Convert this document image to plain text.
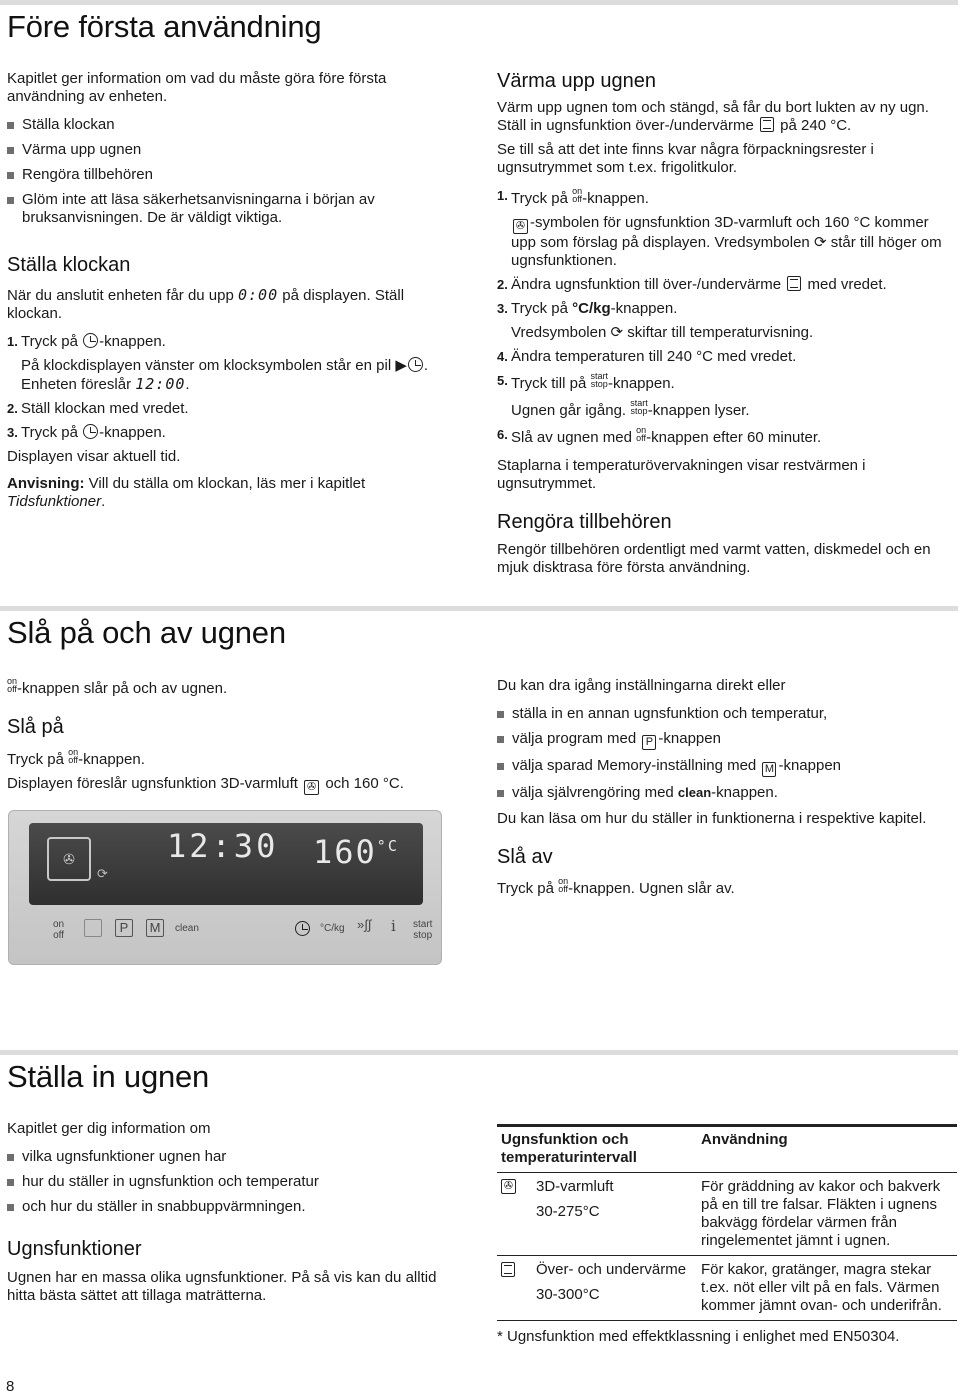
Före första användning

Kapitlet ger information om vad du måste göra före första användning av enheten.

Ställa klockan
Värma upp ugnen
Rengöra tillbehören
Glöm inte att läsa säkerhetsanvisningarna i början av bruksanvisningen. De är väldigt viktiga.
Ställa klockan

När du anslutit enheten får du upp 0:00 på displayen. Ställ klockan.

1. Tryck på -knappen.
På klockdisplayen vänster om klocksymbolen står en pil ▶ .
Enheten föreslår 12:00.
2. Ställ klockan med vredet.
3. Tryck på -knappen.

Displayen visar aktuell tid.

Anvisning: Vill du ställa om klockan, läs mer i kapitlet Tidsfunktioner.

Värma upp ugnen

Värm upp ugnen tom och stängd, så får du bort lukten av ny ugn. Ställ in ugnsfunktion över-/undervärme på 240 °C.

Se till så att det inte finns kvar några förpackningsrester i ugnsutrymmet som t.ex. frigolitkulor.

1. Tryck på on
off-knappen.
✇ -symbolen för ugnsfunktion 3D-varmluft och 160 °C kommer upp som förslag på displayen. Vredsymbolen ⟳ står till höger om ugnsfunktionen.
2. Ändra ugnsfunktion till över-/undervärme med vredet.
3. Tryck på °C/kg-knappen.
Vredsymbolen ⟳ skiftar till temperaturvisning.
4. Ändra temperaturen till 240 °C med vredet.
5. Tryck till på start
stop-knappen.
Ugnen går igång. start
stop-knappen lyser.
6. Slå av ugnen med on
off-knappen efter 60 minuter.

Staplarna i temperaturövervakningen visar restvärmen i ugnsutrymmet.

Rengöra tillbehören

Rengör tillbehören ordentligt med varmt vatten, diskmedel och en mjuk disktrasa före första användning.

Slå på och av ugnen

on
off-knappen slår på och av ugnen.

Slå på

Tryck på on
off-knappen.

Displayen föreslår ugnsfunktion 3D-varmluft ✇ och 160 °C.

✇
⟳
12:30 $160^{^\circ C}$
on
off
P	M	clean	°C/kg »∫∫ i start
stop

Du kan dra igång inställningarna direkt eller

ställa in en annan ugnsfunktion och temperatur,
välja program med P -knappen
välja sparad Memory-inställning med M -knappen
välja självrengöring med clean-knappen.

Du kan läsa om hur du ställer in funktionerna i respektive kapitel.

Slå av

Tryck på on
off-knappen. Ugnen slår av.

Ställa in ugnen

Kapitlet ger dig information om

vilka ugnsfunktioner ugnen har
hur du ställer in ugnsfunktion och temperatur
och hur du ställer in snabbuppvärmningen.
Ugnsfunktioner

Ugnen har en massa olika ugnsfunktioner. På så vis kan du alltid hitta bästa sättet att tillaga maträtterna.

Ugnsfunktion och temperaturintervall	Användning

✇ 3D-varmluft
30-275°C	För gräddning av kakor och bakverk på en till tre falsar. Fläkten i ugnens bakvägg fördelar värmen från ringelementet jämnt i ugnen.

Över- och undervärme
30-300°C	För kakor, gratänger, magra stekar t.ex. nöt eller vilt på en fals. Värmen kommer jämnt ovan- och underifrån.
* Ugnsfunktion med effektklassning i enlighet med EN50304.
8
